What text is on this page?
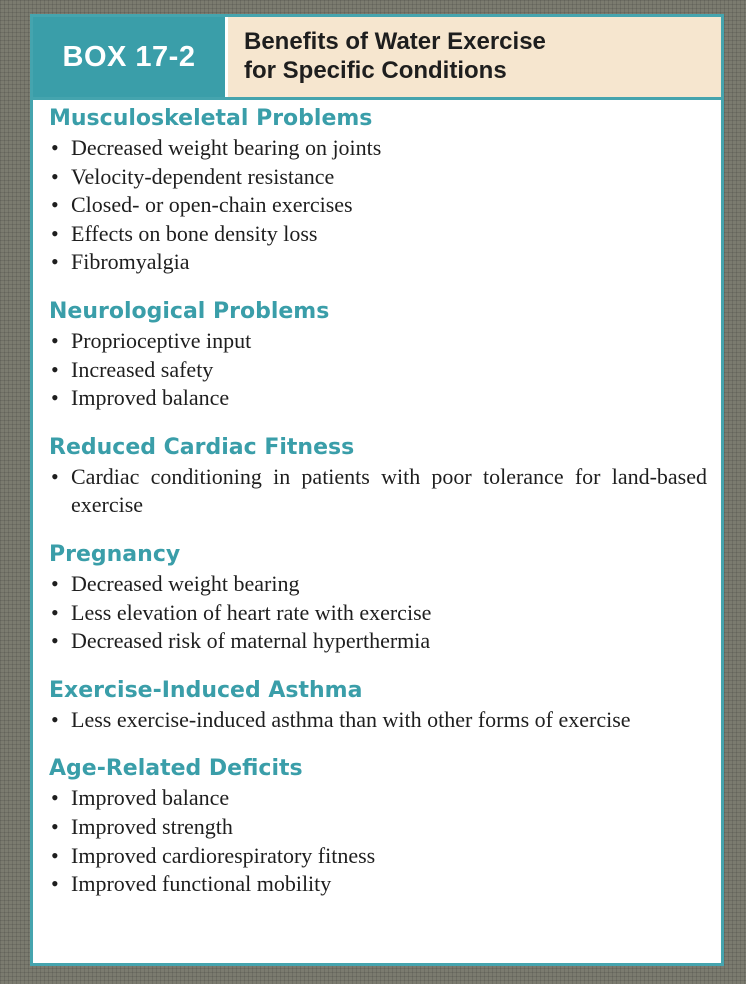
BOX 17-2	Benefits of Water Exercise
for Specific Conditions
Musculoskeletal Problems
• Decreased weight bearing on joints
• Velocity-dependent resistance
• Closed- or open-chain exercises
• Effects on bone density loss
• Fibromyalgia
Neurological Problems
• Proprioceptive input
• Increased safety
• Improved balance
Reduced Cardiac Fitness
• Cardiac conditioning in patients with poor tolerance for land-based exercise
Pregnancy
• Decreased weight bearing
• Less elevation of heart rate with exercise
• Decreased risk of maternal hyperthermia
Exercise-Induced Asthma
• Less exercise-induced asthma than with other forms of exercise
Age-Related Deficits
• Improved balance
• Improved strength
• Improved cardiorespiratory fitness
• Improved functional mobility
